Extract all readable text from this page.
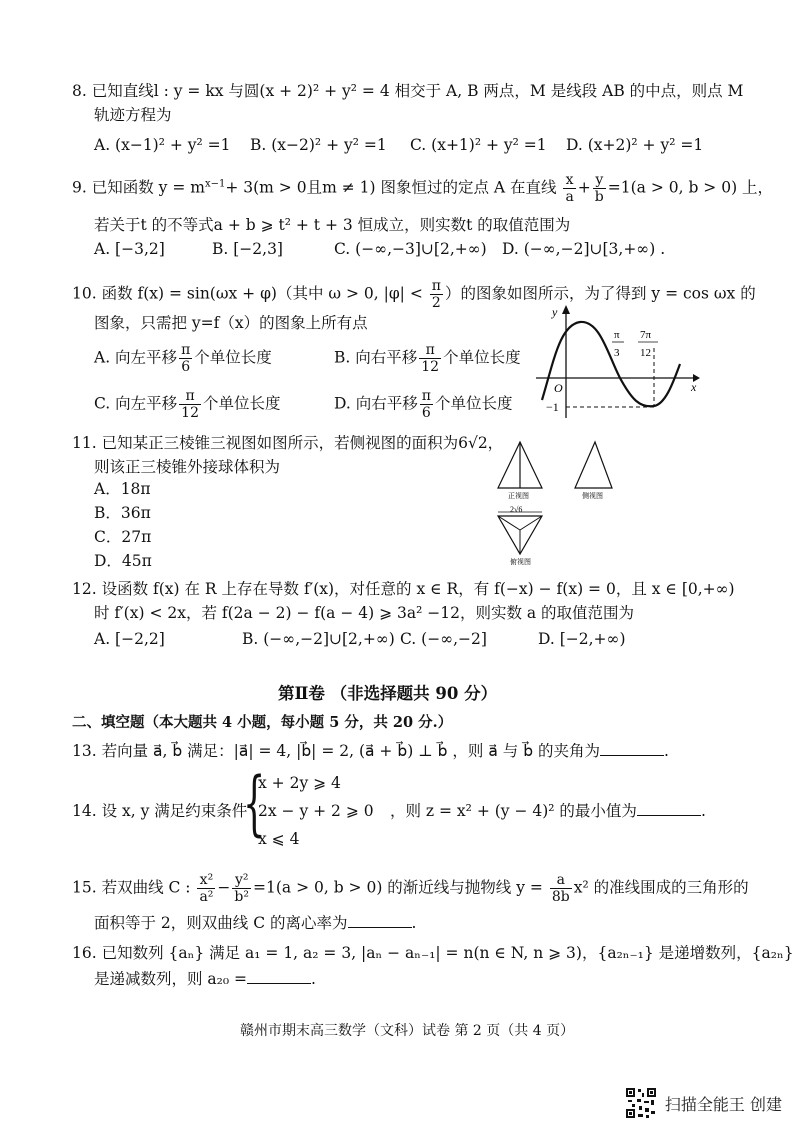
8. 已知直线l : y = kx 与圆(x + 2)² + y² = 4 相交于 A, B 两点，M 是线段 AB 的中点，则点 M
轨迹方程为
A. (x−1)² + y² =1 B. (x−2)² + y² =1 C. (x+1)² + y² =1 D. (x+2)² + y² =1
9. 已知函数 $y = m^{x-1}+ 3(m > 0$且m ≠ 1) 图象恒过的定点 A 在直线 $\frac{x}{a} + \frac{y}{b} =1(a > 0$, b > 0) 上，
若关于t 的不等式a + b ⩾ t² + t + 3 恒成立，则实数t 的取值范围为
A. [−3,2]	B. [−2,3]	C. (−∞,−3]∪[2,+∞) D. (−∞,−2]∪[3,+∞) .
10. 函数 f(x) = sin(ωx + φ)（其中 ω > 0, $|\varphi| < \frac{\pi}{2}$ ）的图象如图所示，为了得到 y = cos ωx 的
图象，只需把 y=f（x）的图象上所有点
A. 向左平移 $\frac{\pi}{6}$ 个单位长度	B. 向右平移 $\frac{\pi}{12}$ 个单位长度
C. 向左平移 $\frac{\pi}{12}$ 个单位长度	D. 向右平移 $\frac{\pi}{6}$ 个单位长度
y
x
O
−1
π
3
7π
12
11. 已知某正三棱锥三视图如图所示，若侧视图的面积为6√2，
则该正三棱锥外接球体积为
A．18π
B．36π
C．27π
D．45π
正视图	侧视图
2√6
俯视图
12. 设函数 f(x) 在 R 上存在导数 f′(x)，对任意的 x ∈ R，有 f(−x) − f(x) = 0，且 x ∈ [0,+∞)
时 f′(x) < 2x，若 f(2a − 2) − f(a − 4) ⩾ 3a² −12，则实数 a 的取值范围为
A. [−2,2]	B. (−∞,−2]∪[2,+∞) C. (−∞,−2]	D. [−2,+∞)
第Ⅱ卷 （非选择题共 90 分）
二、填空题（本大题共 4 小题，每小题 5 分，共 20 分.）
13. 若向量 a⃗, b⃗ 满足：|a⃗| = 4, |b⃗| = 2, (a⃗ + b⃗) ⊥ b⃗ ，则 a⃗ 与 b⃗ 的夹角为	.
14. 设 x, y 满足约束条件
{
x + 2y ⩾ 4
2x − y + 2 ⩾ 0
x ⩽ 4
，则 z = x² + (y − 4)² 的最小值为	.
15. 若双曲线 C : $\frac{\text{x²}}{\text{a²}} - \frac{\text{y²}}{\text{b²}} =1(a > 0$, b > 0) 的渐近线与抛物线 $y = \frac{a}{8b} x^2$ 的准线围成的三角形的
面积等于 2，则双曲线 C 的离心率为	.
16. 已知数列 {aₙ} 满足 a₁ = 1, a₂ = 3, |aₙ − aₙ₋₁| = n(n ∈ N, n ⩾ 3)，{a₂ₙ₋₁} 是递增数列，{a₂ₙ}
是递减数列，则 a₂₀ =	.
赣州市期末高三数学（文科）试卷 第 2 页（共 4 页）
扫描全能王 创建
